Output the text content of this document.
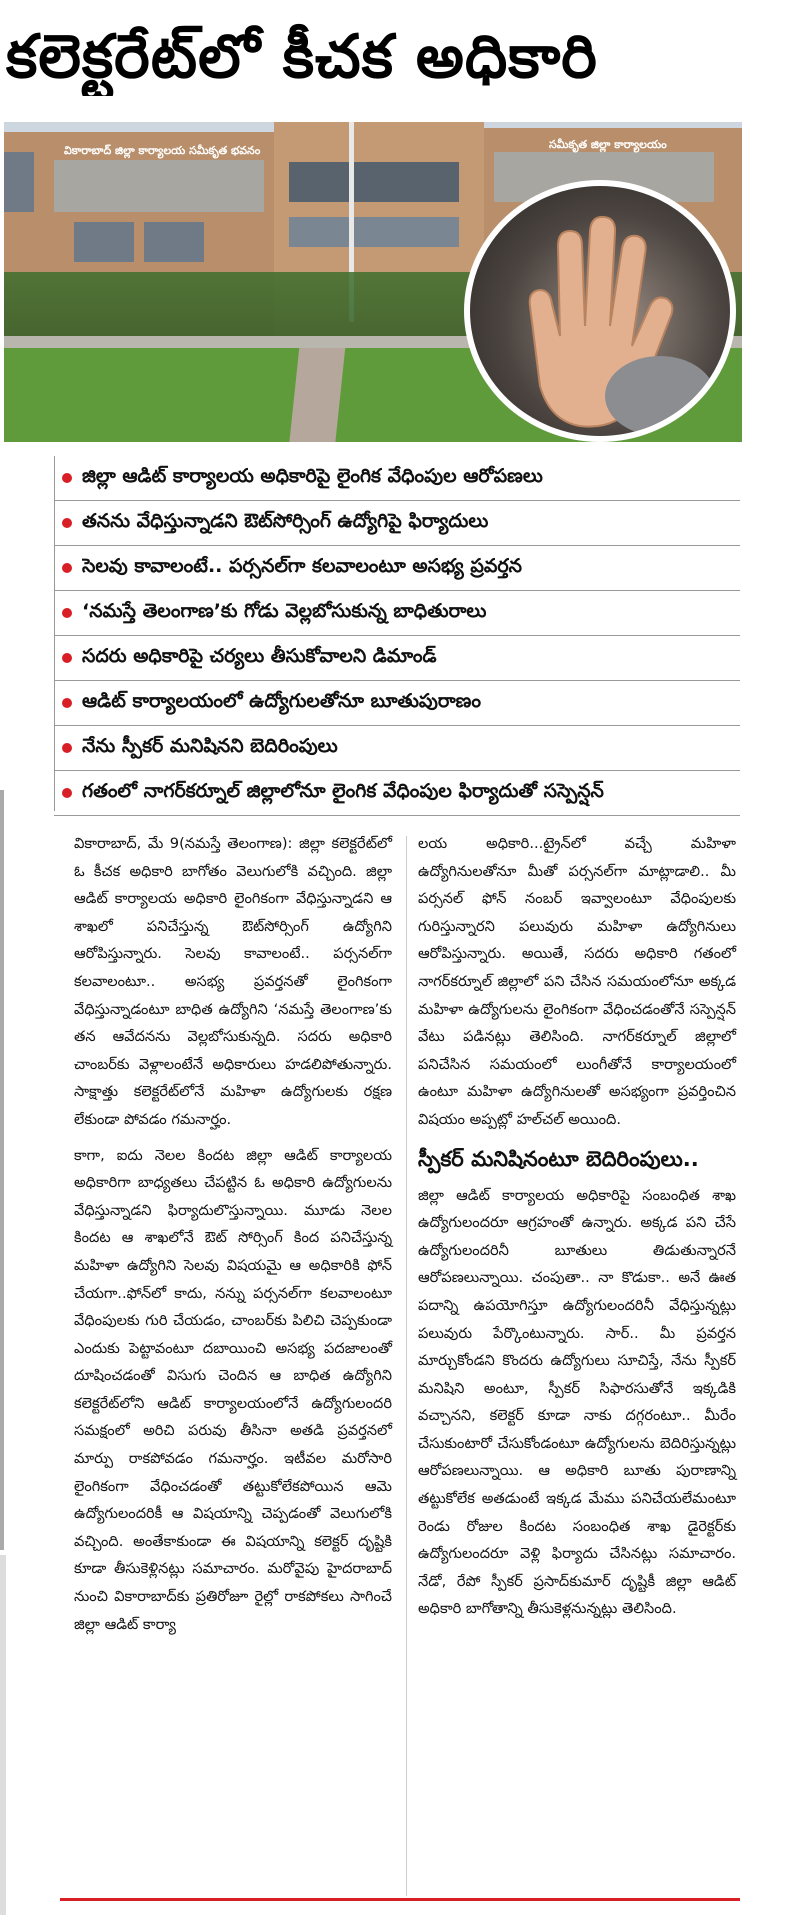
కలెక్టరేట్‌లో కీచక అధికారి
వికారాబాద్ జిల్లా కార్యాలయ సమీకృత భవనం	సమీకృత జిల్లా కార్యాలయం
జిల్లా ఆడిట్ కార్యాలయ అధికారిపై లైంగిక వేధింపుల ఆరోపణలు
తనను వేధిస్తున్నాడని ఔట్‌సోర్సింగ్ ఉద్యోగిపై ఫిర్యాదులు
సెలవు కావాలంటే.. పర్సనల్‌గా కలవాలంటూ అసభ్య ప్రవర్తన
‘నమస్తే తెలంగాణ’కు గోడు వెల్లబోసుకున్న బాధితురాలు
సదరు అధికారిపై చర్యలు తీసుకోవాలని డిమాండ్
ఆడిట్ కార్యాలయంలో ఉద్యోగులతోనూ బూతుపురాణం
నేను స్పీకర్ మనిషినని బెదిరింపులు
గతంలో నాగర్‌కర్నూల్ జిల్లాలోనూ లైంగిక వేధింపుల ఫిర్యాదుతో సస్పెన్షన్

వికారాబాద్, మే 9(నమస్తే తెలంగాణ): జిల్లా కలెక్టరేట్‌లో ఓ కీచక అధికారి బాగోతం వెలుగులోకి వచ్చింది. జిల్లా ఆడిట్ కార్యాలయ అధికారి లైంగికంగా వేధిస్తున్నాడని ఆ శాఖలో పనిచేస్తున్న ఔట్‌సోర్సింగ్ ఉద్యోగిని ఆరోపిస్తున్నారు. సెలవు కావాలంటే.. పర్సనల్‌గా కలవాలంటూ.. అసభ్య ప్రవర్తనతో లైంగికంగా వేధిస్తున్నాడంటూ బాధిత ఉద్యోగిని ‘నమస్తే తెలంగాణ’కు తన ఆవేదనను వెల్లబోసుకున్నది. సదరు అధికారి చాంబర్‌కు వెళ్లాలంటేనే అధికారులు హడలిపోతున్నారు. సాక్షాత్తు కలెక్టరేట్‌లోనే మహిళా ఉద్యోగులకు రక్షణ లేకుండా పోవడం గమనార్హం.

కాగా, ఐదు నెలల కిందట జిల్లా ఆడిట్ కార్యాలయ అధికారిగా బాధ్యతలు చేపట్టిన ఓ అధికారి ఉద్యోగులను వేధిస్తున్నాడని ఫిర్యాదులొస్తున్నాయి. మూడు నెలల కిందట ఆ శాఖలోనే ఔట్ సోర్సింగ్ కింద పనిచేస్తున్న మహిళా ఉద్యోగిని సెలవు విషయమై ఆ అధికారికి ఫోన్ చేయగా..ఫోన్‌లో కాదు, నన్ను పర్సనల్‌గా కలవాలంటూ వేధింపులకు గురి చేయడం, చాంబర్‌కు పిలిచి చెప్పకుండా ఎందుకు పెట్టావంటూ దబాయించి అసభ్య పదజాలంతో దూషించడంతో విసుగు చెందిన ఆ బాధిత ఉద్యోగిని కలెక్టరేట్‌లోని ఆడిట్ కార్యాలయంలోనే ఉద్యోగులందరి సమక్షంలో అరిచి పరువు తీసినా అతడి ప్రవర్తనలో మార్పు రాకపోవడం గమనార్హం. ఇటీవల మరోసారి లైంగికంగా వేధించడంతో తట్టుకోలేకపోయిన ఆమె ఉద్యోగులందరికీ ఆ విషయాన్ని చెప్పడంతో వెలుగులోకి వచ్చింది. అంతేకాకుండా ఈ విషయాన్ని కలెక్టర్ దృష్టికి కూడా తీసుకెళ్లినట్లు సమాచారం. మరోవైపు హైదరాబాద్ నుంచి వికారాబాద్‌కు ప్రతిరోజూ రైల్లో రాకపోకలు సాగించే జిల్లా ఆడిట్ కార్యా

లయ అధికారి...ట్రైన్‌లో వచ్చే మహిళా ఉద్యోగినులతోనూ మీతో పర్సనల్‌గా మాట్లాడాలి.. మీ పర్సనల్ ఫోన్ నంబర్ ఇవ్వాలంటూ వేధింపులకు గురిస్తున్నారని పలువురు మహిళా ఉద్యోగినులు ఆరోపిస్తున్నారు. అయితే, సదరు అధికారి గతంలో నాగర్‌కర్నూల్ జిల్లాలో పని చేసిన సమయంలోనూ అక్కడ మహిళా ఉద్యోగులను లైంగికంగా వేధించడంతోనే సస్పెన్షన్ వేటు పడినట్లు తెలిసింది. నాగర్‌కర్నూల్ జిల్లాలో పనిచేసిన సమయంలో లుంగీతోనే కార్యాలయంలో ఉంటూ మహిళా ఉద్యోగినులతో అసభ్యంగా ప్రవర్తించిన విషయం అప్పట్లో హల్‌చల్ అయింది.

స్పీకర్ మనిషినంటూ బెదిరింపులు..

జిల్లా ఆడిట్ కార్యాలయ అధికారిపై సంబంధిత శాఖ ఉద్యోగులందరూ ఆగ్రహంతో ఉన్నారు. అక్కడ పని చేసే ఉద్యోగులందరినీ బూతులు తిడుతున్నారనే ఆరోపణలున్నాయి. చంపుతా.. నా కొడుకా.. అనే ఊత పదాన్ని ఉపయోగిస్తూ ఉద్యోగులందరినీ వేధిస్తున్నట్లు పలువురు పేర్కొంటున్నారు. సార్.. మీ ప్రవర్తన మార్చుకోండని కొందరు ఉద్యోగులు సూచిస్తే, నేను స్పీకర్ మనిషిని అంటూ, స్పీకర్ సిఫారసుతోనే ఇక్కడికి వచ్చానని, కలెక్టర్ కూడా నాకు దగ్గరంటూ.. మీరేం చేసుకుంటారో చేసుకోండంటూ ఉద్యోగులను బెదిరిస్తున్నట్లు ఆరోపణలున్నాయి. ఆ అధికారి బూతు పురాణాన్ని తట్టుకోలేక అతడుంటే ఇక్కడ మేము పనిచేయలేమంటూ రెండు రోజుల కిందట సంబంధిత శాఖ డైరెక్టర్‌కు ఉద్యోగులందరూ వెళ్లి ఫిర్యాదు చేసినట్లు సమాచారం. నేడో, రేపో స్పీకర్ ప్రసాద్‌కుమార్ దృష్టికీ జిల్లా ఆడిట్ అధికారి బాగోతాన్ని తీసుకెళ్లనున్నట్లు తెలిసింది.
